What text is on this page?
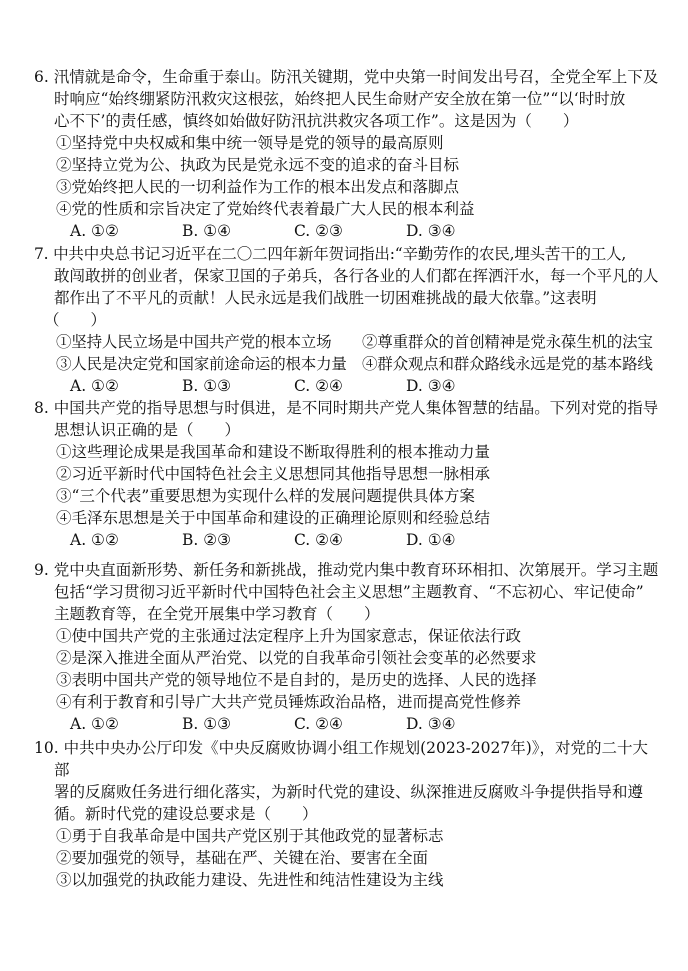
6. 汛情就是命令，生命重于泰山。防汛关键期，党中央第一时间发出号召，全党全军上下及
时响应“始终绷紧防汛救灾这根弦，始终把人民生命财产安全放在第一位”“以‘时时放
心不下’的责任感，慎终如始做好防汛抗洪救灾各项工作”。这是因为（　　）
①坚持党中央权威和集中统一领导是党的领导的最高原则
②坚持立党为公、执政为民是党永远不变的追求的奋斗目标
③党始终把人民的一切利益作为工作的根本出发点和落脚点
④党的性质和宗旨决定了党始终代表着最广大人民的根本利益
A. ①②	B. ①④	C. ②③	D. ③④
7. 中共中央总书记习近平在二〇二四年新年贺词指出:“辛勤劳作的农民,埋头苦干的工人,
敢闯敢拼的创业者，保家卫国的子弟兵，各行各业的人们都在挥洒汗水，每一个平凡的人
都作出了不平凡的贡献！人民永远是我们战胜一切困难挑战的最大依靠。”这表明
（　　）
①坚持人民立场是中国共产党的根本立场　　②尊重群众的首创精神是党永葆生机的法宝
③人民是决定党和国家前途命运的根本力量　④群众观点和群众路线永远是党的基本路线
A. ①②	B. ①③	C. ②④	D. ③④
8. 中国共产党的指导思想与时俱进，是不同时期共产党人集体智慧的结晶。下列对党的指导
思想认识正确的是（　　）
①这些理论成果是我国革命和建设不断取得胜利的根本推动力量
②习近平新时代中国特色社会主义思想同其他指导思想一脉相承
③“三个代表”重要思想为实现什么样的发展问题提供具体方案
④毛泽东思想是关于中国革命和建设的正确理论原则和经验总结
A. ①②	B. ②③	C. ②④	D. ①④
9. 党中央直面新形势、新任务和新挑战，推动党内集中教育环环相扣、次第展开。学习主题
包括“学习贯彻习近平新时代中国特色社会主义思想”主题教育、“不忘初心、牢记使命”
主题教育等，在全党开展集中学习教育（　　）
①使中国共产党的主张通过法定程序上升为国家意志，保证依法行政
②是深入推进全面从严治党、以党的自我革命引领社会变革的必然要求
③表明中国共产党的领导地位不是自封的，是历史的选择、人民的选择
④有利于教育和引导广大共产党员锤炼政治品格，进而提高党性修养
A. ①②	B. ①③	C. ②④	D. ③④
10. 中共中央办公厅印发《中央反腐败协调小组工作规划(2023-2027年)》，对党的二十大
部
署的反腐败任务进行细化落实，为新时代党的建设、纵深推进反腐败斗争提供指导和遵
循。新时代党的建设总要求是（　　）
①勇于自我革命是中国共产党区别于其他政党的显著标志
②要加强党的领导，基础在严、关键在治、要害在全面
③以加强党的执政能力建设、先进性和纯洁性建设为主线
